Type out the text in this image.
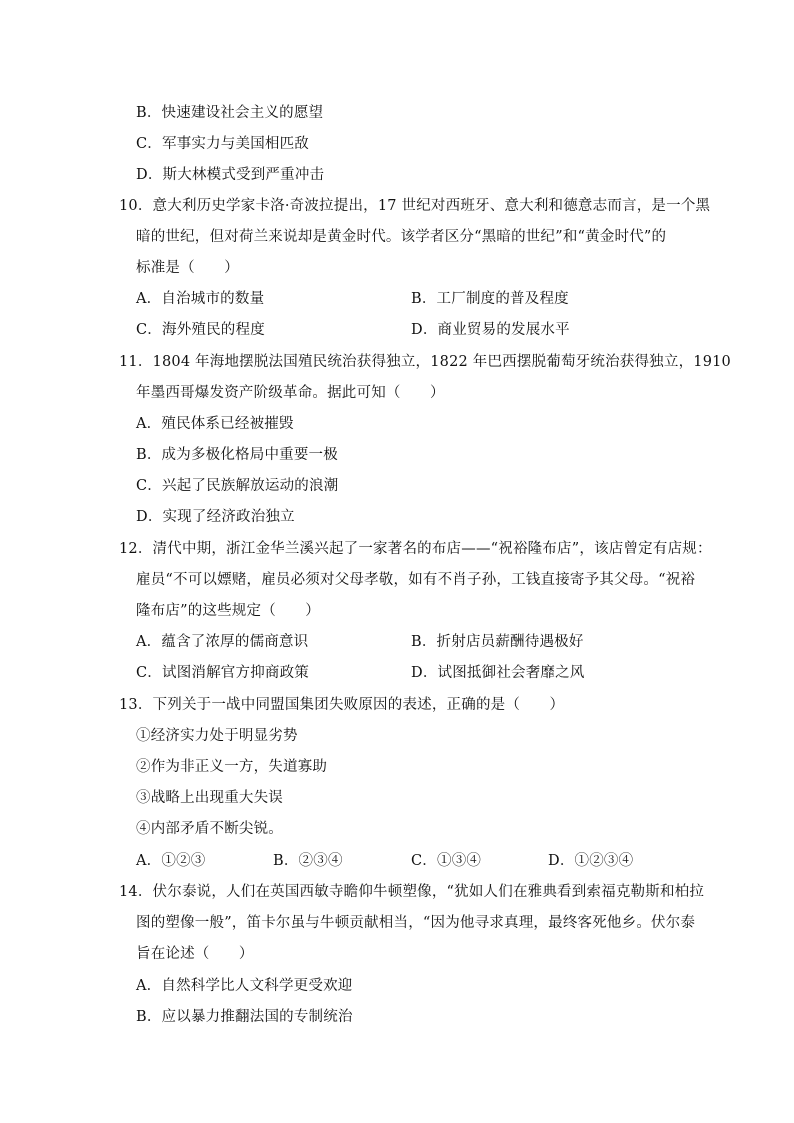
B．快速建设社会主义的愿望
C．军事实力与美国相匹敌
D．斯大林模式受到严重冲击
10．意大利历史学家卡洛·奇波拉提出，17 世纪对西班牙、意大利和德意志而言，是一个黑
暗的世纪，但对荷兰来说却是黄金时代。该学者区分“黑暗的世纪”和“黄金时代”的
标准是（　　）
A．自治城市的数量	B．工厂制度的普及程度
C．海外殖民的程度	D．商业贸易的发展水平
11．1804 年海地摆脱法国殖民统治获得独立，1822 年巴西摆脱葡萄牙统治获得独立，1910
年墨西哥爆发资产阶级革命。据此可知（　　）
A．殖民体系已经被摧毁
B．成为多极化格局中重要一极
C．兴起了民族解放运动的浪潮
D．实现了经济政治独立
12．清代中期，浙江金华兰溪兴起了一家著名的布店——“祝裕隆布店”，该店曾定有店规：
雇员“不可以嫖赌，雇员必须对父母孝敬，如有不肖子孙，工钱直接寄予其父母。“祝裕
隆布店”的这些规定（　　）
A．蕴含了浓厚的儒商意识	B．折射店员薪酬待遇极好
C．试图消解官方抑商政策	D．试图抵御社会奢靡之风
13．下列关于一战中同盟国集团失败原因的表述，正确的是（　　）
①经济实力处于明显劣势
②作为非正义一方，失道寡助
③战略上出现重大失误
④内部矛盾不断尖锐。
A．①②③	B．②③④	C．①③④	D．①②③④
14．伏尔泰说，人们在英国西敏寺瞻仰牛顿塑像，“犹如人们在雅典看到索福克勒斯和柏拉
图的塑像一般”，笛卡尔虽与牛顿贡献相当，“因为他寻求真理，最终客死他乡。伏尔泰
旨在论述（　　）
A．自然科学比人文科学更受欢迎
B．应以暴力推翻法国的专制统治
